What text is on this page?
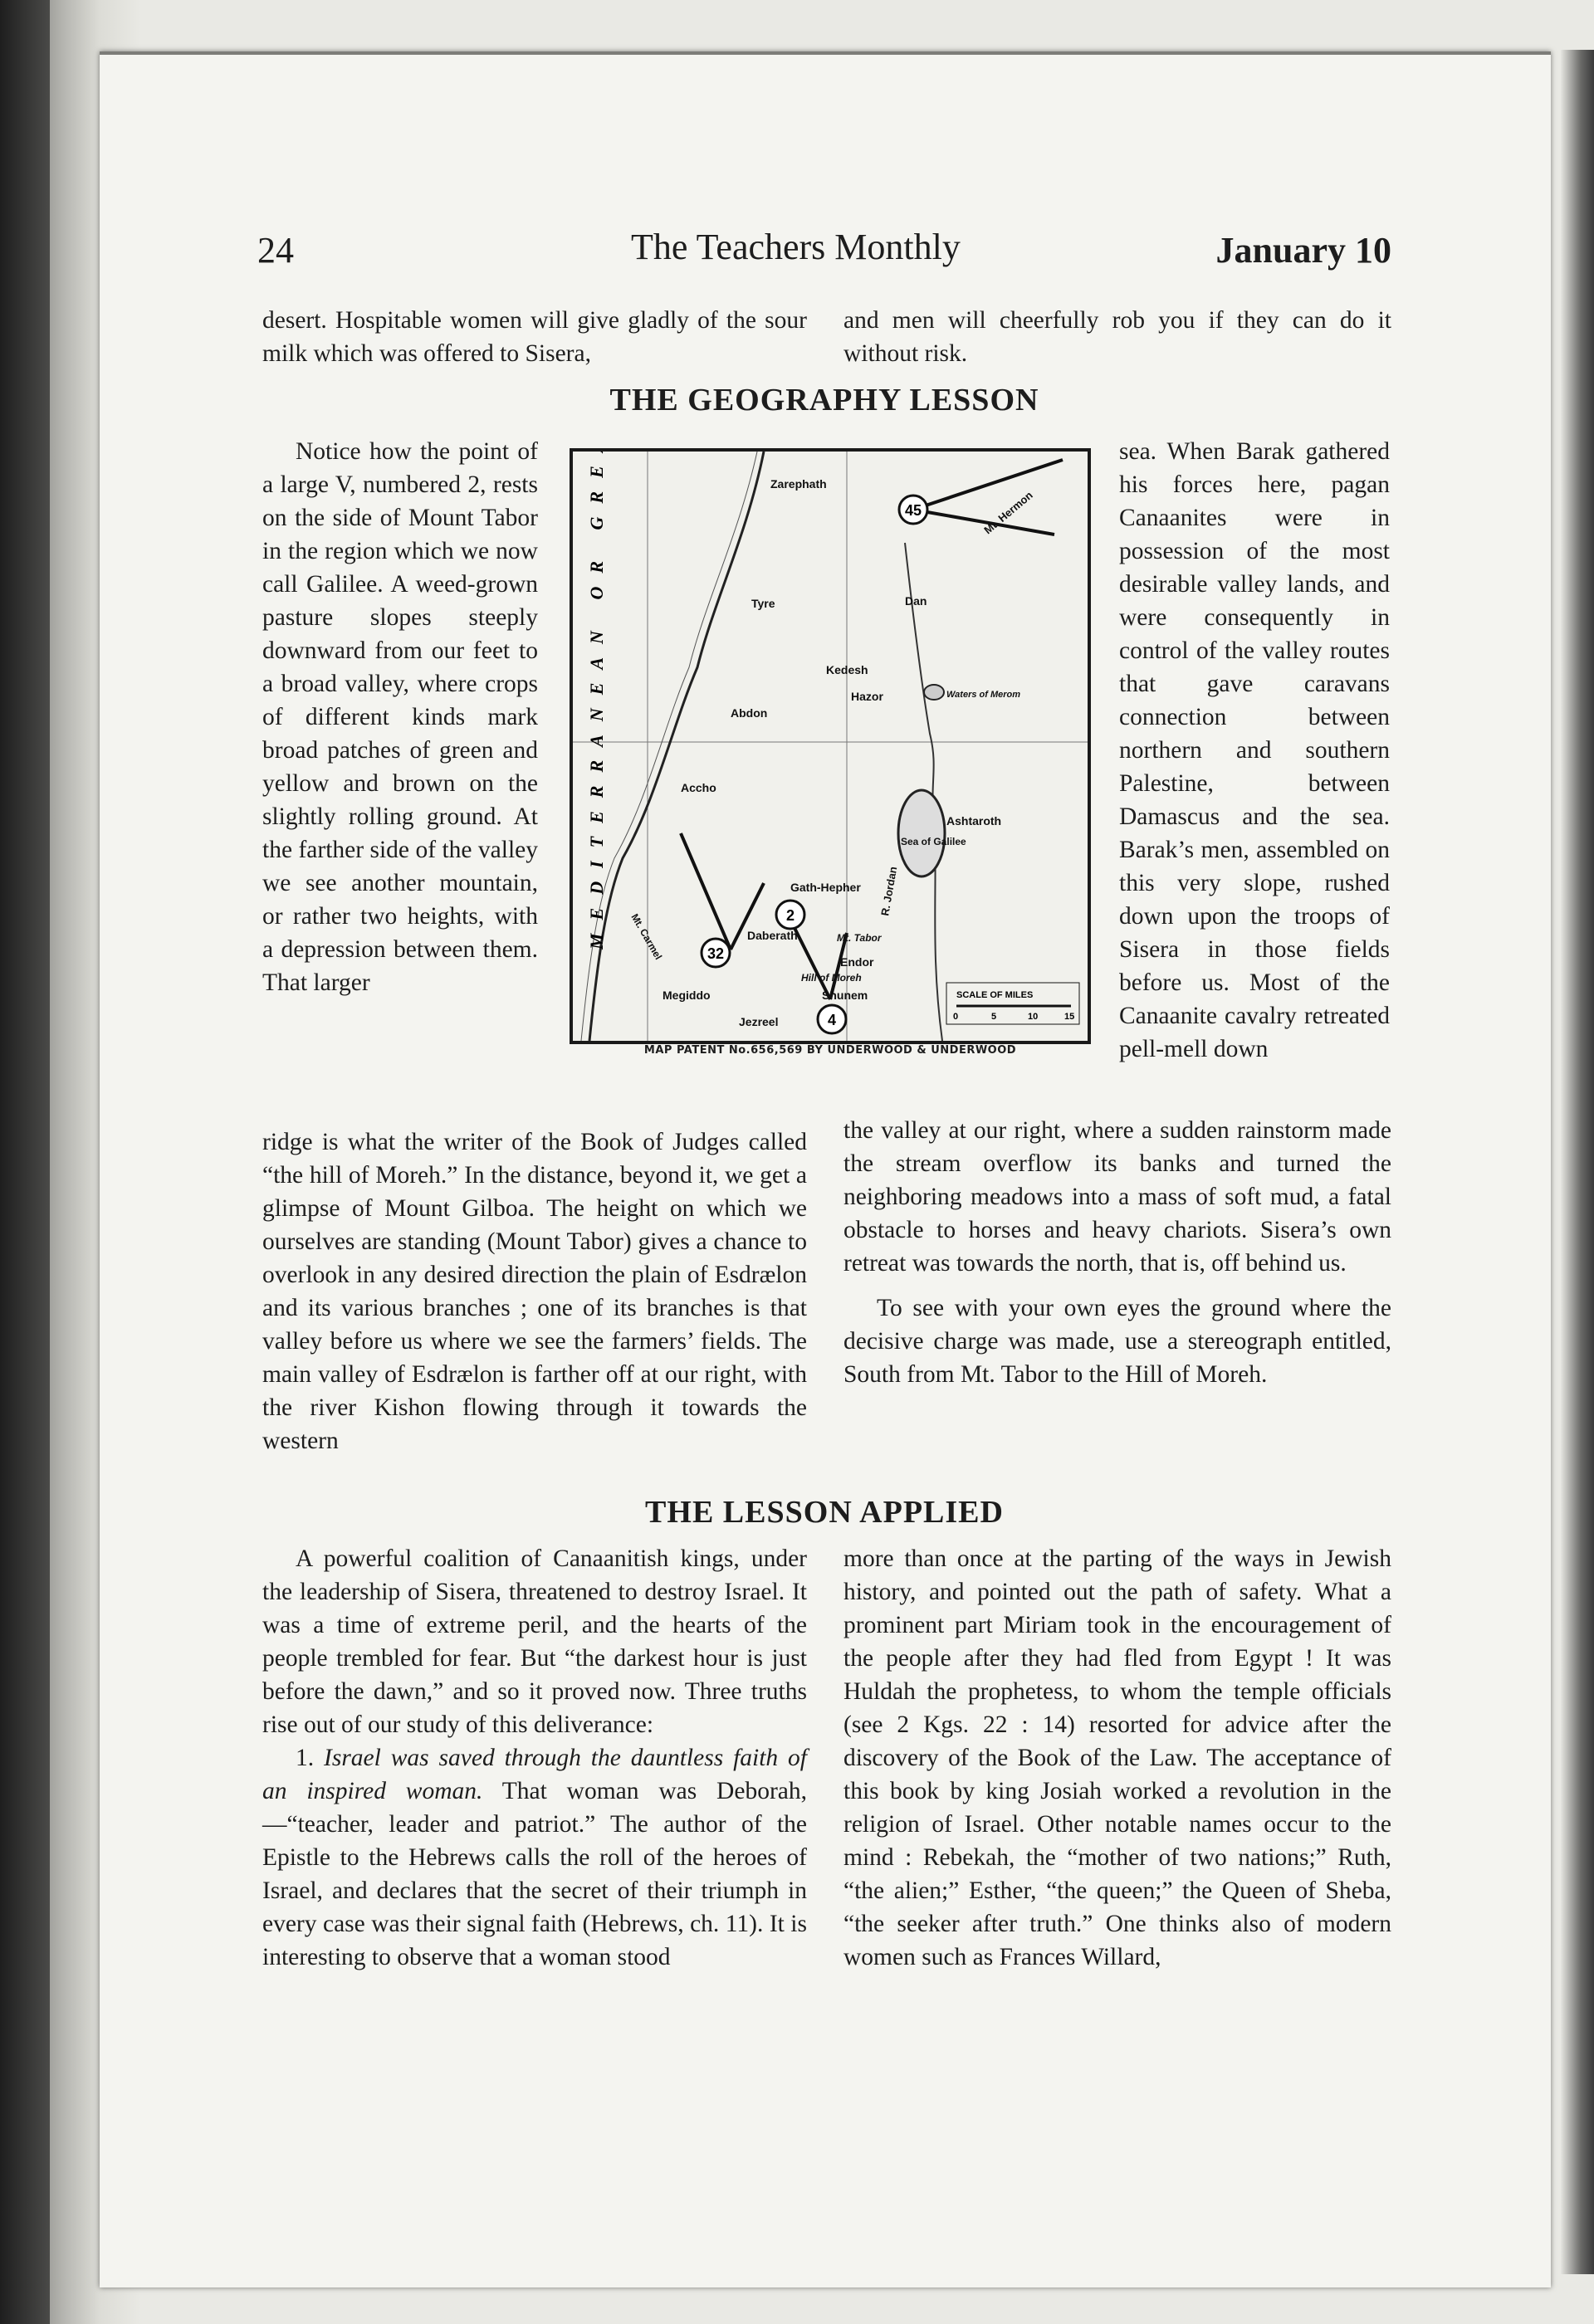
24	The Teachers Monthly	January 10

desert. Hospitable women will give gladly of the sour milk which was offered to Sisera,

and men will cheerfully rob you if they can do it without risk.

THE GEOGRAPHY LESSON

Notice how the point of a large V, numbered 2, rests on the side of Mount Tabor in the region which we now call Galilee. A weed-grown pasture slopes steeply downward from our feet to a broad valley, where crops of different kinds mark broad patches of green and yellow and brown on the slightly rolling ground. At the farther side of the valley we see another mountain, or rather two heights, with a depression between them. That larger

sea. When Barak gathered his forces here, pagan Canaanites were in possession of the most desirable valley lands, and were consequently in control of the valley routes that gave caravans connection between northern and southern Palestine, between Damascus and the sea. Barak’s men, assembled on this very slope, rushed down upon the troops of Sisera in those fields before us. Most of the Canaanite cavalry retreated pell-mell down

Zarephath
Tyre	Dan
Kedesh
Hazor	Waters of Merom
Abdon
Accho
Ashtaroth
Sea of Galilee
Gath-Hepher
Daberath	Mt. Tabor
Endor
Hill of Moreh
Shunem
Megiddo
Jezreel
Mt. Carmel
R. Jordan
Mt. Hermon
MEDITERRANEAN OR GREAT SEA	45
2
32
4
SCALE OF MILES
0	5	10	15
MAP PATENT No.656,569 BY UNDERWOOD & UNDERWOOD

ridge is what the writer of the Book of Judges called “the hill of Moreh.” In the distance, beyond it, we get a glimpse of Mount Gilboa. The height on which we ourselves are standing (Mount Tabor) gives a chance to overlook in any desired direction the plain of Esdrælon and its various branches ; one of its branches is that valley before us where we see the farmers’ fields. The main valley of Esdrælon is farther off at our right, with the river Kishon flowing through it towards the western

the valley at our right, where a sudden rainstorm made the stream overflow its banks and turned the neighboring meadows into a mass of soft mud, a fatal obstacle to horses and heavy chariots. Sisera’s own retreat was towards the north, that is, off behind us.

To see with your own eyes the ground where the decisive charge was made, use a stereograph entitled, South from Mt. Tabor to the Hill of Moreh.

THE LESSON APPLIED

A powerful coalition of Canaanitish kings, under the leadership of Sisera, threatened to destroy Israel. It was a time of extreme peril, and the hearts of the people trembled for fear. But “the darkest hour is just before the dawn,” and so it proved now. Three truths rise out of our study of this deliverance:

1. Israel was saved through the dauntless faith of an inspired woman. That woman was Deborah, —“teacher, leader and patriot.” The author of the Epistle to the Hebrews calls the roll of the heroes of Israel, and declares that the secret of their triumph in every case was their signal faith (Hebrews, ch. 11). It is interesting to observe that a woman stood

more than once at the parting of the ways in Jewish history, and pointed out the path of safety. What a prominent part Miriam took in the encouragement of the people after they had fled from Egypt ! It was Huldah the prophetess, to whom the temple officials (see 2 Kgs. 22 : 14) resorted for advice after the discovery of the Book of the Law. The acceptance of this book by king Josiah worked a revolution in the religion of Israel. Other notable names occur to the mind : Rebekah, the “mother of two nations;” Ruth, “the alien;” Esther, “the queen;” the Queen of Sheba, “the seeker after truth.” One thinks also of modern women such as Frances Willard,
